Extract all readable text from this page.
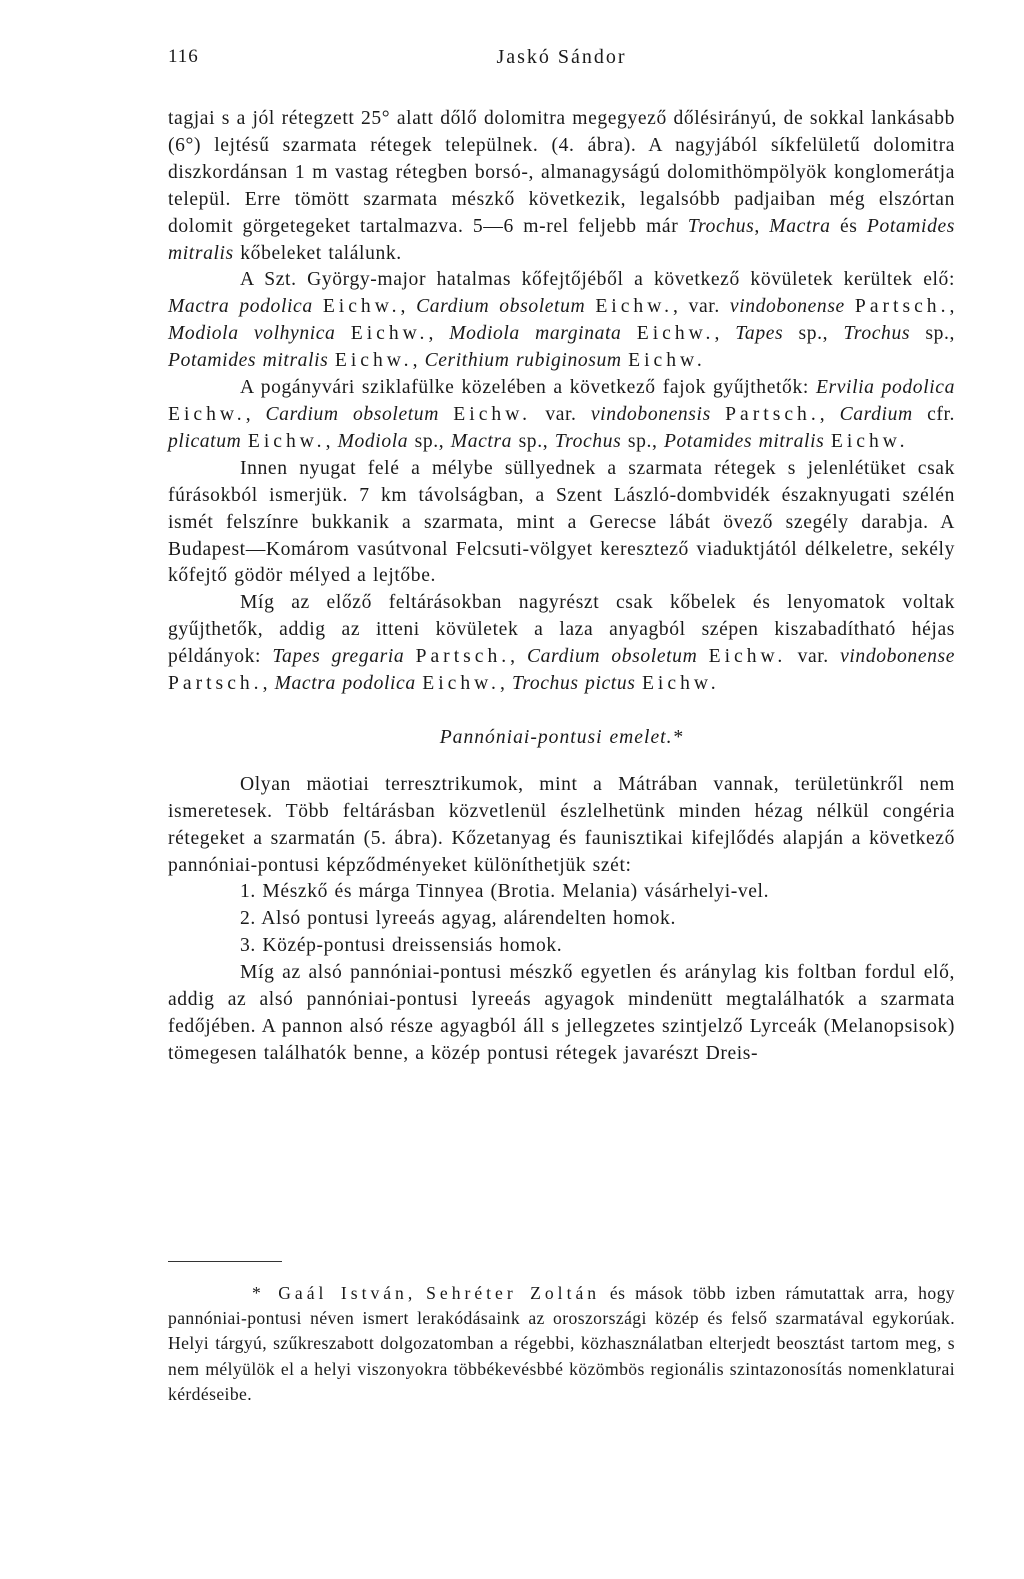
116	Jaskó Sándor

tagjai s a jól rétegzett 25° alatt dőlő dolomitra megegyező dőlésirányú, de sokkal lankásabb (6°) lejtésű szarmata rétegek települnek. (4. ábra). A nagyjából síkfelületű dolomitra diszkordánsan 1 m vastag rétegben borsó-, almanagyságú dolomithömpölyök konglomerátja települ. Erre tömött szarmata mészkő következik, legalsóbb padjaiban még elszórtan dolomit görgetegeket tartalmazva. 5—6 m-rel feljebb már Trochus, Mactra és Potamides mitralis kőbeleket találunk.

A Szt. György-major hatalmas kőfejtőjéből a következő kövületek kerültek elő: Mactra podolica Eichw., Cardium obsoletum Eichw., var. vindobonense Partsch., Modiola volhynica Eichw., Modiola marginata Eichw., Tapes sp., Trochus sp., Potamides mitralis Eichw., Cerithium rubiginosum Eichw.

A pogányvári sziklafülke közelében a következő fajok gyűjthetők: Ervilia podolica Eichw., Cardium obsoletum Eichw. var. vindobonensis Partsch., Cardium cfr. plicatum Eichw., Modiola sp., Mactra sp., Trochus sp., Potamides mitralis Eichw.

Innen nyugat felé a mélybe süllyednek a szarmata rétegek s jelenlétüket csak fúrásokból ismerjük. 7 km távolságban, a Szent László-dombvidék északnyugati szélén ismét felszínre bukkanik a szarmata, mint a Gerecse lábát övező szegély darabja. A Budapest—Komárom vasútvonal Felcsuti-völgyet keresztező viaduktjától délkeletre, sekély kőfejtő gödör mélyed a lejtőbe.

Míg az előző feltárásokban nagyrészt csak kőbelek és lenyomatok voltak gyűjthetők, addig az itteni kövületek a laza anyagból szépen kiszabadítható héjas példányok: Tapes gregaria Partsch., Cardium obsoletum Eichw. var. vindobonense Partsch., Mactra podolica Eichw., Trochus pictus Eichw.

Pannóniai-pontusi emelet.*

Olyan mäotiai terresztrikumok, mint a Mátrában vannak, területünkről nem ismeretesek. Több feltárásban közvetlenül észlelhetünk minden hézag nélkül congéria rétegeket a szarmatán (5. ábra). Kőzetanyag és faunisztikai kifejlődés alapján a következő pannóniai-pontusi képződményeket különíthetjük szét:

1. Mészkő és márga Tinnyea (Brotia. Melania) vásárhelyi-vel.

2. Alsó pontusi lyreeás agyag, alárendelten homok.

3. Közép-pontusi dreissensiás homok.

Míg az alsó pannóniai-pontusi mészkő egyetlen és aránylag kis foltban fordul elő, addig az alsó pannóniai-pontusi lyreeás agyagok mindenütt megtalálhatók a szarmata fedőjében. A pannon alsó része agyagból áll s jellegzetes szintjelző Lyrceák (Melanopsisok) tömegesen találhatók benne, a közép pontusi rétegek javarészt Dreis-

* Gaál István, Sehréter Zoltán és mások több izben rámutattak arra, hogy pannóniai-pontusi néven ismert lerakódásaink az oroszországi közép és felső szarmatával egykorúak. Helyi tárgyú, szűkreszabott dolgozatomban a régebbi, közhasználatban elterjedt beosztást tartom meg, s nem mélyülök el a helyi viszonyokra többékevésbbé közömbös regionális szintazonosítás nomenklaturai kérdéseibe.
